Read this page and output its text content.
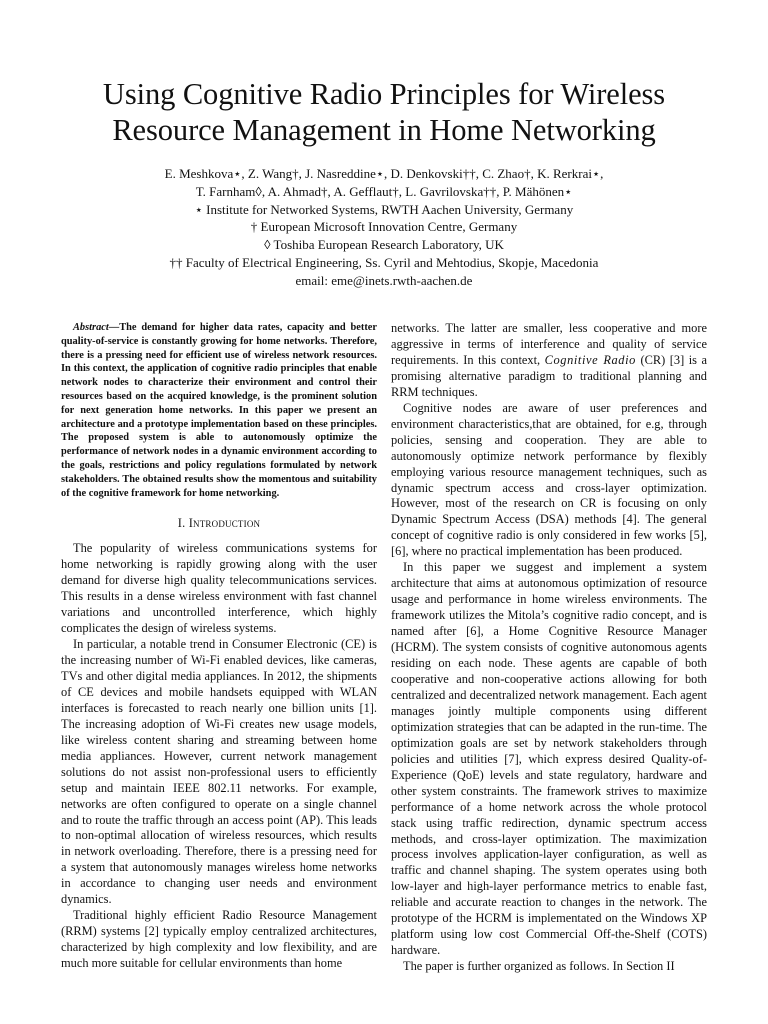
Using Cognitive Radio Principles for Wireless
Resource Management in Home Networking
E. Meshkova⋆, Z. Wang†, J. Nasreddine⋆, D. Denkovski††, C. Zhao†, K. Rerkrai⋆,
T. Farnham◊, A. Ahmad†, A. Gefflaut†, L. Gavrilovska††, P. Mähönen⋆
⋆ Institute for Networked Systems, RWTH Aachen University, Germany
† European Microsoft Innovation Centre, Germany
◊ Toshiba European Research Laboratory, UK
†† Faculty of Electrical Engineering, Ss. Cyril and Mehtodius, Skopje, Macedonia
email: eme@inets.rwth-aachen.de

Abstract—The demand for higher data rates, capacity and better quality-of-service is constantly growing for home networks. Therefore, there is a pressing need for efficient use of wireless network resources. In this context, the application of cognitive radio principles that enable network nodes to characterize their environment and control their resources based on the acquired knowledge, is the prominent solution for next generation home networks. In this paper we present an architecture and a prototype implementation based on these principles. The proposed system is able to autonomously optimize the performance of network nodes in a dynamic environment according to the goals, restrictions and policy regulations formulated by network stakeholders. The obtained results show the momentous and suitability of the cognitive framework for home networking.

I. Introduction

The popularity of wireless communications systems for home networking is rapidly growing along with the user demand for diverse high quality telecommunications services. This results in a dense wireless environment with fast channel variations and uncontrolled interference, which highly complicates the design of wireless systems.

In particular, a notable trend in Consumer Electronic (CE) is the increasing number of Wi-Fi enabled devices, like cameras, TVs and other digital media appliances. In 2012, the shipments of CE devices and mobile handsets equipped with WLAN interfaces is forecasted to reach nearly one billion units [1]. The increasing adoption of Wi-Fi creates new usage models, like wireless content sharing and streaming between home media appliances. However, current network management solutions do not assist non-professional users to efficiently setup and maintain IEEE 802.11 networks. For example, networks are often configured to operate on a single channel and to route the traffic through an access point (AP). This leads to non-optimal allocation of wireless resources, which results in network overloading. Therefore, there is a pressing need for a system that autonomously manages wireless home networks in accordance to changing user needs and environment dynamics.

Traditional highly efficient Radio Resource Management (RRM) systems [2] typically employ centralized architectures, characterized by high complexity and low flexibility, and are much more suitable for cellular environments than home

networks. The latter are smaller, less cooperative and more aggressive in terms of interference and quality of service requirements. In this context, Cognitive Radio (CR) [3] is a promising alternative paradigm to traditional planning and RRM techniques.

Cognitive nodes are aware of user preferences and environment characteristics,that are obtained, for e.g, through policies, sensing and cooperation. They are able to autonomously optimize network performance by flexibly employing various resource management techniques, such as dynamic spectrum access and cross-layer optimization. However, most of the research on CR is focusing on only Dynamic Spectrum Access (DSA) methods [4]. The general concept of cognitive radio is only considered in few works [5], [6], where no practical implementation has been produced.

In this paper we suggest and implement a system architecture that aims at autonomous optimization of resource usage and performance in home wireless environments. The framework utilizes the Mitola’s cognitive radio concept, and is named after [6], a Home Cognitive Resource Manager (HCRM). The system consists of cognitive autonomous agents residing on each node. These agents are capable of both cooperative and non-cooperative actions allowing for both centralized and decentralized network management. Each agent manages jointly multiple components using different optimization strategies that can be adapted in the run-time. The optimization goals are set by network stakeholders through policies and utilities [7], which express desired Quality-of-Experience (QoE) levels and state regulatory, hardware and other system constraints. The framework strives to maximize performance of a home network across the whole protocol stack using traffic redirection, dynamic spectrum access methods, and cross-layer optimization. The maximization process involves application-layer configuration, as well as traffic and channel shaping. The system operates using both low-layer and high-layer performance metrics to enable fast, reliable and accurate reaction to changes in the network. The prototype of the HCRM is implementated on the Windows XP platform using low cost Commercial Off-the-Shelf (COTS) hardware.

The paper is further organized as follows. In Section II
